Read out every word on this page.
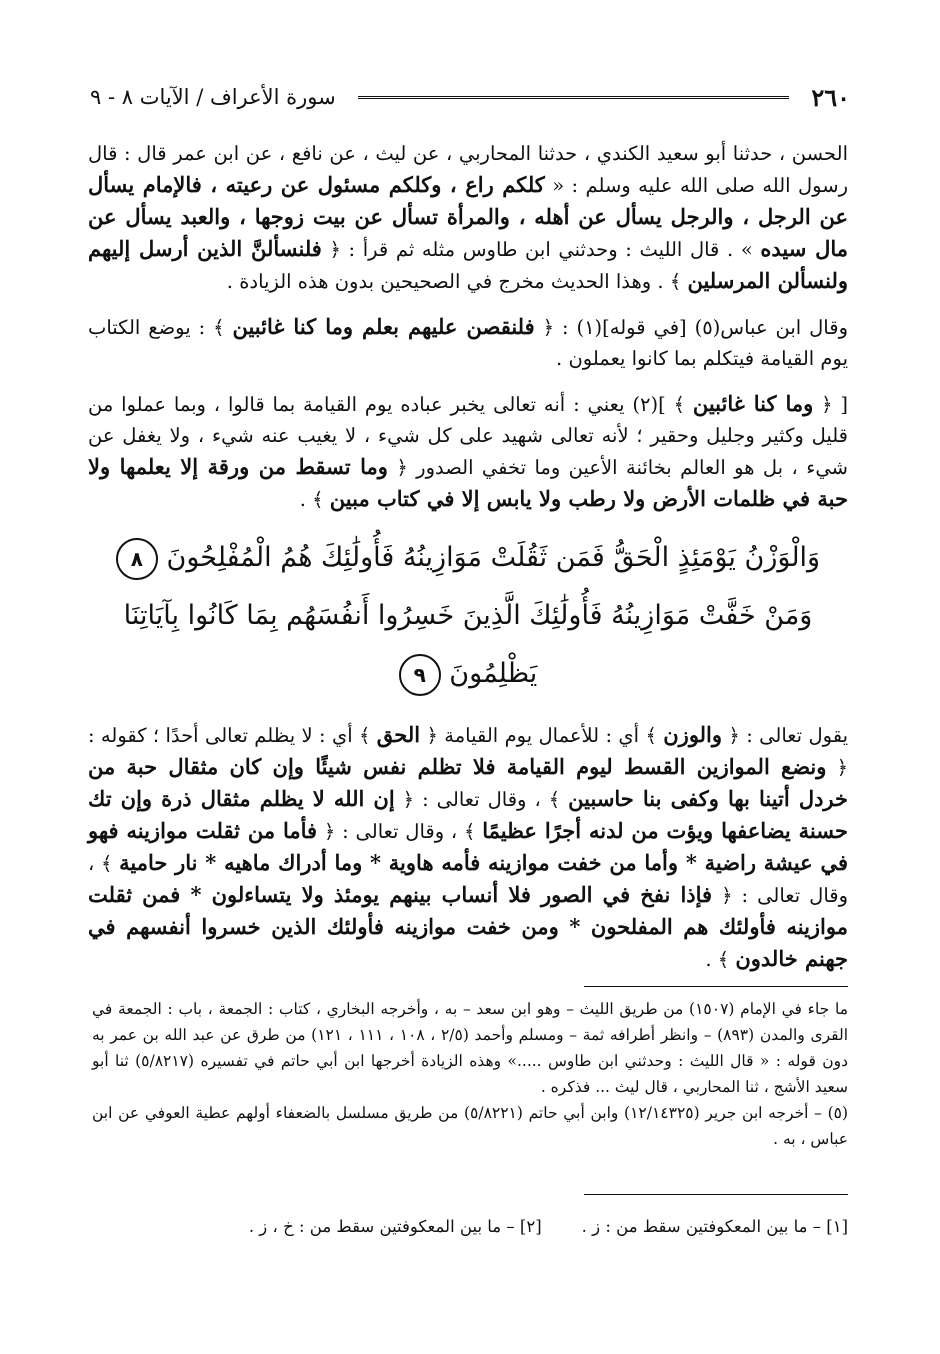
٢٦٠
سورة الأعراف / الآيات ٨ - ٩

الحسن ، حدثنا أبو سعيد الكندي ، حدثنا المحاربي ، عن ليث ، عن نافع ، عن ابن عمر قال : قال رسول الله صلى الله عليه وسلم : « كلكم راع ، وكلكم مسئول عن رعيته ، فالإمام يسأل عن الرجل ، والرجل يسأل عن أهله ، والمرأة تسأل عن بيت زوجها ، والعبد يسأل عن مال سيده » . قال الليث : وحدثني ابن طاوس مثله ثم قرأ : ﴿ فلنسألنَّ الذين أرسل إليهم ولنسألن المرسلين ﴾ . وهذا الحديث مخرج في الصحيحين بدون هذه الزيادة .

وقال ابن عباس(٥) [في قوله](١) : ﴿ فلنقصن عليهم بعلم وما كنا غائبين ﴾ : يوضع الكتاب يوم القيامة فيتكلم بما كانوا يعملون .

[ ﴿ وما كنا غائبين ﴾ ](٢) يعني : أنه تعالى يخبر عباده يوم القيامة بما قالوا ، وبما عملوا من قليل وكثير وجليل وحقير ؛ لأنه تعالى شهيد على كل شيء ، لا يغيب عنه شيء ، ولا يغفل عن شيء ، بل هو العالم بخائنة الأعين وما تخفي الصدور ﴿ وما تسقط من ورقة إلا يعلمها ولا حبة في ظلمات الأرض ولا رطب ولا يابس إلا في كتاب مبين ﴾ .

وَالْوَزْنُ يَوْمَئِذٍ الْحَقُّ فَمَن ثَقُلَتْ مَوَازِينُهُ فَأُولَٰئِكَ هُمُ الْمُفْلِحُونَ ٨ وَمَنْ خَفَّتْ مَوَازِينُهُ فَأُولَٰئِكَ الَّذِينَ خَسِرُوا أَنفُسَهُم بِمَا كَانُوا بِآيَاتِنَا يَظْلِمُونَ ٩

يقول تعالى : ﴿ والوزن ﴾ أي : للأعمال يوم القيامة ﴿ الحق ﴾ أي : لا يظلم تعالى أحدًا ؛ كقوله : ﴿ ونضع الموازين القسط ليوم القيامة فلا تظلم نفس شيئًا وإن كان مثقال حبة من خردل أتينا بها وكفى بنا حاسبين ﴾ ، وقال تعالى : ﴿ إن الله لا يظلم مثقال ذرة وإن تك حسنة يضاعفها ويؤت من لدنه أجرًا عظيمًا ﴾ ، وقال تعالى : ﴿ فأما من ثقلت موازينه فهو في عيشة راضية * وأما من خفت موازينه فأمه هاوية * وما أدراك ماهيه * نار حامية ﴾ ، وقال تعالى : ﴿ فإذا نفخ في الصور فلا أنساب بينهم يومئذ ولا يتساءلون * فمن ثقلت موازينه فأولئك هم المفلحون * ومن خفت موازينه فأولئك الذين خسروا أنفسهم في جهنم خالدون ﴾ .

ما جاء في الإمام (١٥٠٧) من طريق الليث – وهو ابن سعد – به ، وأخرجه البخاري ، كتاب : الجمعة ، باب : الجمعة في القرى والمدن (٨٩٣) – وانظر أطرافه ثمة – ومسلم وأحمد (٢/٥ ، ١٠٨ ، ١١١ ، ١٢١) من طرق عن عبد الله بن عمر به دون قوله : « قال الليث : وحدثني ابن طاوس .....» وهذه الزيادة أخرجها ابن أبي حاتم في تفسيره (٥/٨٢١٧) ثنا أبو سعيد الأشج ، ثنا المحاربي ، قال ليث ... فذكره .

(٥) – أخرجه ابن جرير (١٢/١٤٣٢٥) وابن أبي حاتم (٥/٨٢٢١) من طريق مسلسل بالضعفاء أولهم عطية العوفي عن ابن عباس ، به .

[١] – ما بين المعكوفتين سقط من : ز .
[٢] – ما بين المعكوفتين سقط من : خ ، ز .
